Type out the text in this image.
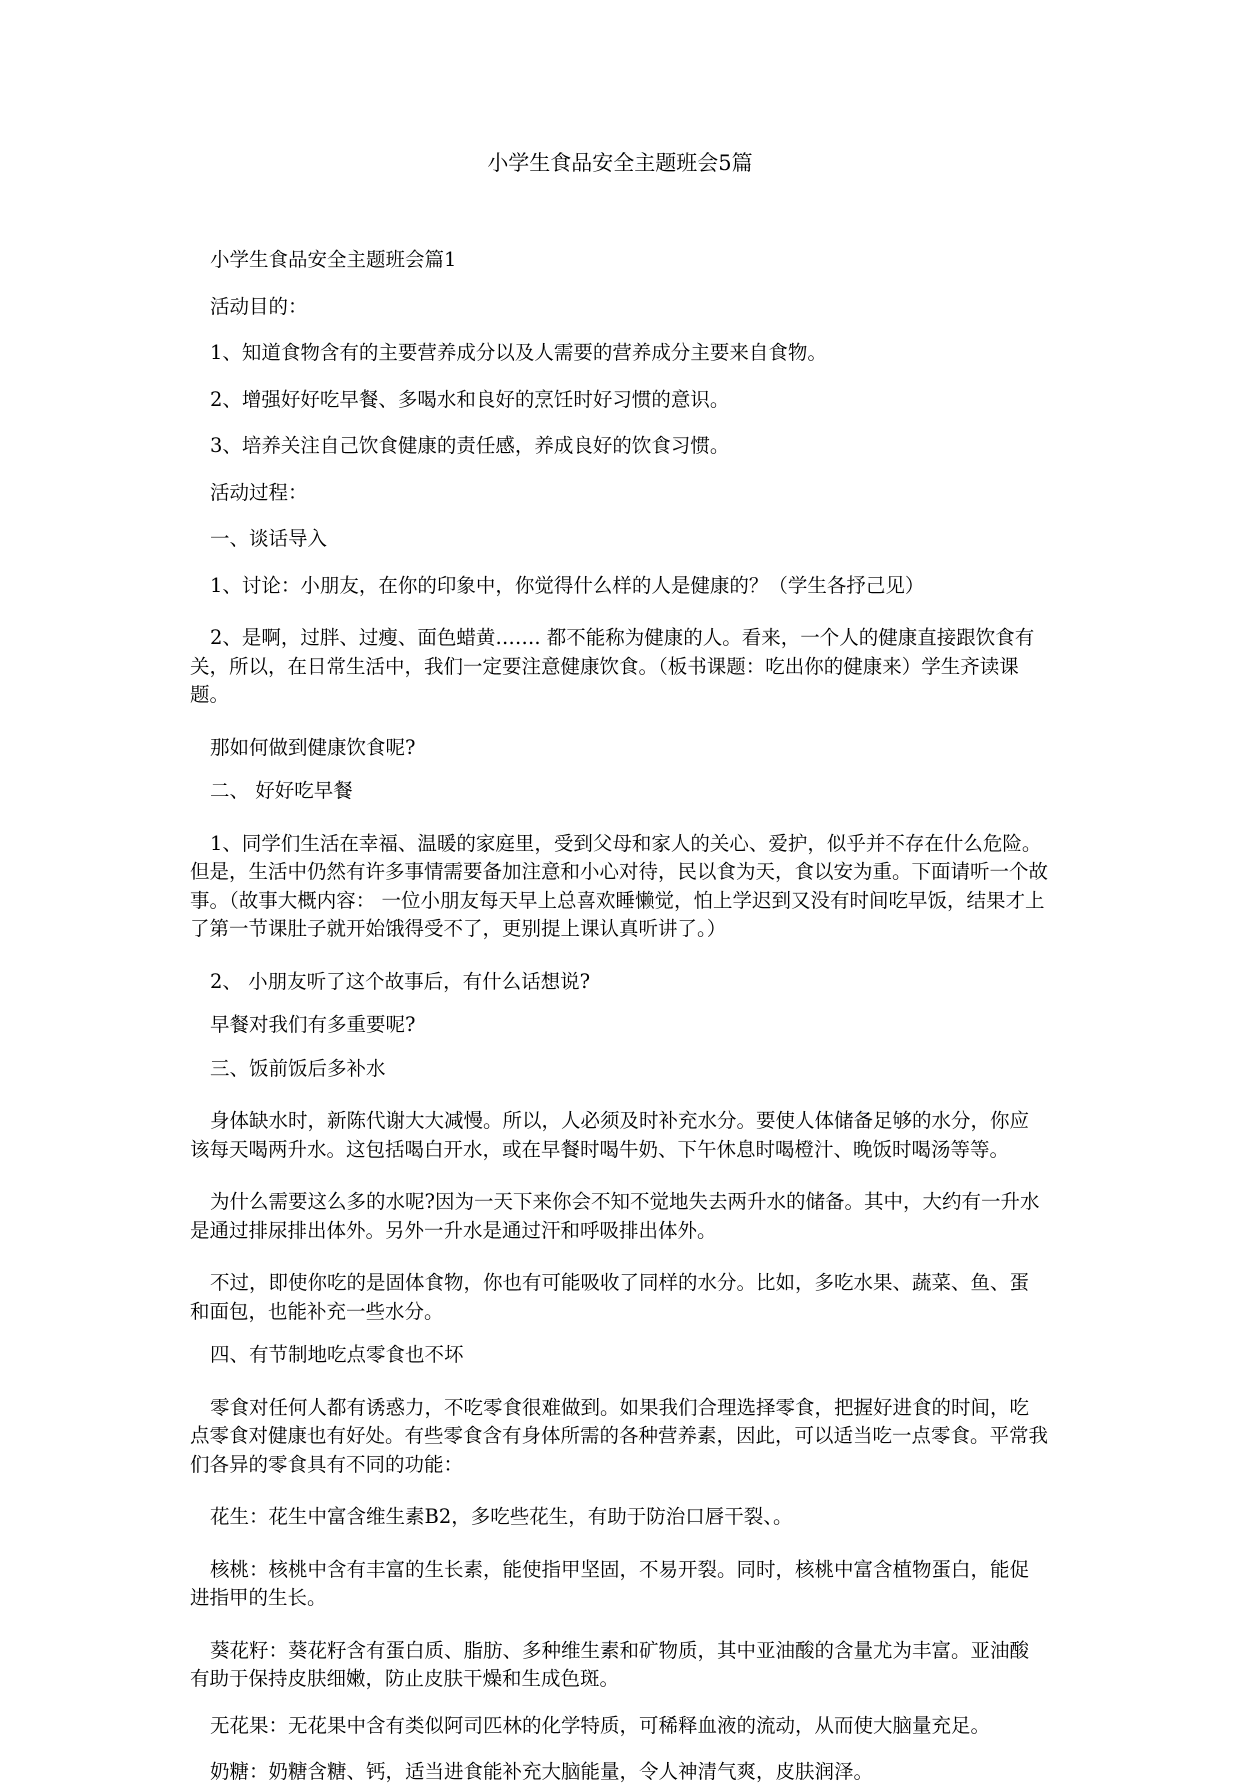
小学生食品安全主题班会5篇

小学生食品安全主题班会篇1

活动目的：

1、知道食物含有的主要营养成分以及人需要的营养成分主要来自食物。

2、增强好好吃早餐、多喝水和良好的烹饪时好习惯的意识。

3、培养关注自己饮食健康的责任感，养成良好的饮食习惯。

活动过程：

一、谈话导入

1、讨论：小朋友，在你的印象中，你觉得什么样的人是健康的？（学生各抒己见）

2、是啊，过胖、过瘦、面色蜡黄……. 都不能称为健康的人。看来，一个人的健康直接跟饮食有关，所以，在日常生活中，我们一定要注意健康饮食。（板书课题：吃出你的健康来）学生齐读课题。

那如何做到健康饮食呢?

二、 好好吃早餐

1、同学们生活在幸福、温暖的家庭里，受到父母和家人的关心、爱护，似乎并不存在什么危险。但是，生活中仍然有许多事情需要备加注意和小心对待，民以食为天，食以安为重。下面请听一个故事。（故事大概内容： 一位小朋友每天早上总喜欢睡懒觉，怕上学迟到又没有时间吃早饭，结果才上了第一节课肚子就开始饿得受不了，更别提上课认真听讲了。）

2、 小朋友听了这个故事后，有什么话想说?

早餐对我们有多重要呢?

三、饭前饭后多补水

身体缺水时，新陈代谢大大减慢。所以，人必须及时补充水分。要使人体储备足够的水分，你应该每天喝两升水。这包括喝白开水，或在早餐时喝牛奶、下午休息时喝橙汁、晚饭时喝汤等等。

为什么需要这么多的水呢?因为一天下来你会不知不觉地失去两升水的储备。其中，大约有一升水是通过排尿排出体外。另外一升水是通过汗和呼吸排出体外。

不过，即使你吃的是固体食物，你也有可能吸收了同样的水分。比如，多吃水果、蔬菜、鱼、蛋和面包，也能补充一些水分。

四、有节制地吃点零食也不坏

零食对任何人都有诱惑力，不吃零食很难做到。如果我们合理选择零食，把握好进食的时间，吃点零食对健康也有好处。有些零食含有身体所需的各种营养素，因此，可以适当吃一点零食。平常我们各异的零食具有不同的功能：

花生：花生中富含维生素B2，多吃些花生，有助于防治口唇干裂、。

核桃：核桃中含有丰富的生长素，能使指甲坚固，不易开裂。同时，核桃中富含植物蛋白，能促进指甲的生长。

葵花籽：葵花籽含有蛋白质、脂肪、多种维生素和矿物质，其中亚油酸的含量尤为丰富。亚油酸有助于保持皮肤细嫩，防止皮肤干燥和生成色斑。

无花果：无花果中含有类似阿司匹林的化学特质，可稀释血液的流动，从而使大脑量充足。

奶糖：奶糖含糖、钙，适当进食能补充大脑能量，令人神清气爽，皮肤润泽。
